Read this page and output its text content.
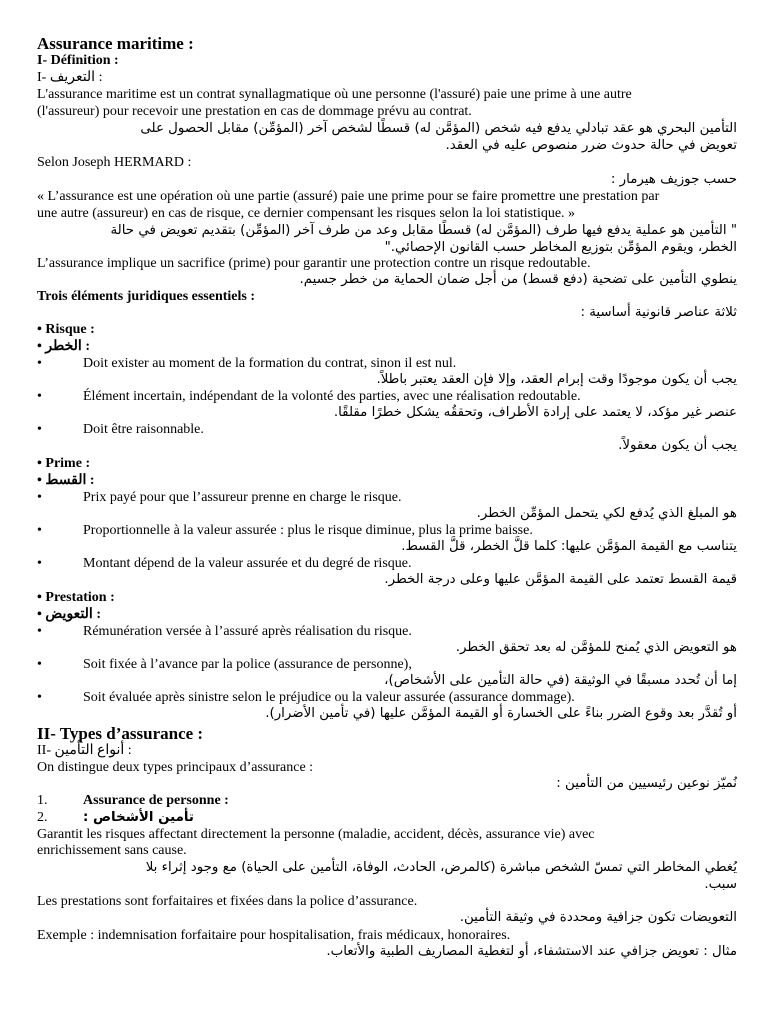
Assurance maritime :

I- Définition :

I- التعريف :

L'assurance maritime est un contrat synallagmatique où une personne (l'assuré) paie une prime à une autre

(l'assureur) pour recevoir une prestation en cas de dommage prévu au contrat.

التأمين البحري هو عقد تبادلي يدفع فيه شخص (المؤمَّن له) قسطًا لشخص آخر (المؤمِّن) مقابل الحصول على

تعويض في حالة حدوث ضرر منصوص عليه في العقد.

Selon Joseph HERMARD :

حسب جوزيف هيرمار :

« L’assurance est une opération où une partie (assuré) paie une prime pour se faire promettre une prestation par

une autre (assureur) en cas de risque, ce dernier compensant les risques selon la loi statistique. »

" التأمين هو عملية يدفع فيها طرف (المؤمَّن له) قسطًا مقابل وعد من طرف آخر (المؤمِّن) بتقديم تعويض في حالة

الخطر، ويقوم المؤمِّن بتوزيع المخاطر حسب القانون الإحصائي."

L’assurance implique un sacrifice (prime) pour garantir une protection contre un risque redoutable.

ينطوي التأمين على تضحية (دفع قسط) من أجل ضمان الحماية من خطر جسيم.

Trois éléments juridiques essentiels :

ثلاثة عناصر قانونية أساسية :

• Risque :

• الخطر :

•	Doit exister au moment de la formation du contrat, sinon il est nul.

يجب أن يكون موجودًا وقت إبرام العقد، وإلا فإن العقد يعتبر باطلاً.

•	Élément incertain, indépendant de la volonté des parties, avec une réalisation redoutable.

عنصر غير مؤكد، لا يعتمد على إرادة الأطراف، وتحققُه يشكل خطرًا مقلقًا.

•	Doit être raisonnable.

يجب أن يكون معقولاً.

• Prime :

• القسط :

•	Prix payé pour que l’assureur prenne en charge le risque.

هو المبلغ الذي يُدفع لكي يتحمل المؤمِّن الخطر.

•	Proportionnelle à la valeur assurée : plus le risque diminue, plus la prime baisse.

يتناسب مع القيمة المؤمَّن عليها: كلما قلَّ الخطر، قلَّ القسط.

•	Montant dépend de la valeur assurée et du degré de risque.

قيمة القسط تعتمد على القيمة المؤمَّن عليها وعلى درجة الخطر.

• Prestation :

• التعويض :

•	Rémunération versée à l’assuré après réalisation du risque.

هو التعويض الذي يُمنح للمؤمَّن له بعد تحقق الخطر.

•	Soit fixée à l’avance par la police (assurance de personne),

إما أن تُحدد مسبقًا في الوثيقة (في حالة التأمين على الأشخاص)،

•	Soit évaluée après sinistre selon le préjudice ou la valeur assurée (assurance dommage).

أو تُقدَّر بعد وقوع الضرر بناءً على الخسارة أو القيمة المؤمَّن عليها (في تأمين الأضرار).

II- Types d’assurance :

II- أنواع التأمين :

On distingue deux types principaux d’assurance :

نُميّز نوعين رئيسيين من التأمين :

1.	Assurance de personne :

2.	تأمين الأشخاص :

Garantit les risques affectant directement la personne (maladie, accident, décès, assurance vie) avec

enrichissement sans cause.

يُغطي المخاطر التي تمسّ الشخص مباشرة (كالمرض، الحادث، الوفاة، التأمين على الحياة) مع وجود إثراء بلا

سبب.

Les prestations sont forfaitaires et fixées dans la police d’assurance.

التعويضات تكون جزافية ومحددة في وثيقة التأمين.

Exemple : indemnisation forfaitaire pour hospitalisation, frais médicaux, honoraires.

مثال : تعويض جزافي عند الاستشفاء، أو لتغطية المصاريف الطبية والأتعاب.
